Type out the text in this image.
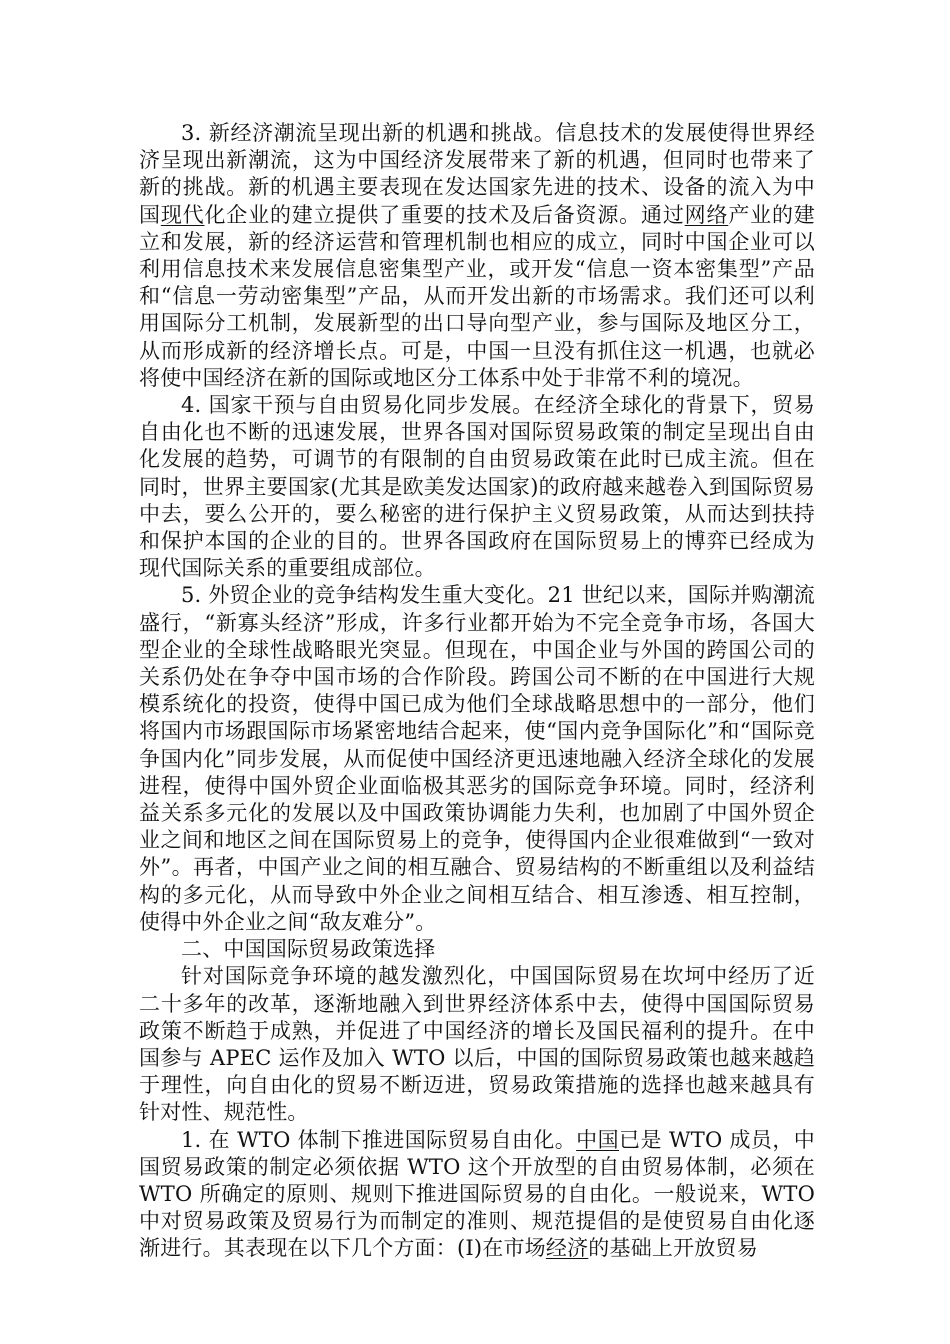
3. 新经济潮流呈现出新的机遇和挑战。信息技术的发展使得世界经济呈现出新潮流，这为中国经济发展带来了新的机遇，但同时也带来了新的挑战。新的机遇主要表现在发达国家先进的技术、设备的流入为中国现代化企业的建立提供了重要的技术及后备资源。通过网络产业的建立和发展，新的经济运营和管理机制也相应的成立，同时中国企业可以利用信息技术来发展信息密集型产业，或开发“信息一资本密集型”产品和“信息一劳动密集型”产品，从而开发出新的市场需求。我们还可以利用国际分工机制，发展新型的出口导向型产业，参与国际及地区分工，从而形成新的经济增长点。可是，中国一旦没有抓住这一机遇，也就必将使中国经济在新的国际或地区分工体系中处于非常不利的境况。

4. 国家干预与自由贸易化同步发展。在经济全球化的背景下，贸易自由化也不断的迅速发展，世界各国对国际贸易政策的制定呈现出自由化发展的趋势，可调节的有限制的自由贸易政策在此时已成主流。但在同时，世界主要国家(尤其是欧美发达国家)的政府越来越卷入到国际贸易中去，要么公开的，要么秘密的进行保护主义贸易政策，从而达到扶持和保护本国的企业的目的。世界各国政府在国际贸易上的博弈已经成为现代国际关系的重要组成部位。

5. 外贸企业的竞争结构发生重大变化。21 世纪以来，国际并购潮流盛行，“新寡头经济”形成，许多行业都开始为不完全竞争市场，各国大型企业的全球性战略眼光突显。但现在，中国企业与外国的跨国公司的关系仍处在争夺中国市场的合作阶段。跨国公司不断的在中国进行大规模系统化的投资，使得中国已成为他们全球战略思想中的一部分，他们将国内市场跟国际市场紧密地结合起来，使“国内竞争国际化”和“国际竞争国内化”同步发展，从而促使中国经济更迅速地融入经济全球化的发展进程，使得中国外贸企业面临极其恶劣的国际竞争环境。同时，经济利益关系多元化的发展以及中国政策协调能力失利，也加剧了中国外贸企业之间和地区之间在国际贸易上的竞争，使得国内企业很难做到“一致对外”。再者，中国产业之间的相互融合、贸易结构的不断重组以及利益结构的多元化，从而导致中外企业之间相互结合、相互渗透、相互控制，使得中外企业之间“敌友难分”。

二、中国国际贸易政策选择

针对国际竞争环境的越发激烈化，中国国际贸易在坎坷中经历了近二十多年的改革，逐渐地融入到世界经济体系中去，使得中国国际贸易政策不断趋于成熟，并促进了中国经济的增长及国民福利的提升。在中国参与 APEC 运作及加入 WTO 以后，中国的国际贸易政策也越来越趋于理性，向自由化的贸易不断迈进，贸易政策措施的选择也越来越具有针对性、规范性。

1. 在 WTO 体制下推进国际贸易自由化。中国已是 WTO 成员，中国贸易政策的制定必须依据 WTO 这个开放型的自由贸易体制，必须在 WTO 所确定的原则、规则下推进国际贸易的自由化。一般说来，WTO 中对贸易政策及贸易行为而制定的准则、规范提倡的是使贸易自由化逐渐进行。其表现在以下几个方面：(I)在市场经济的基础上开放贸易
